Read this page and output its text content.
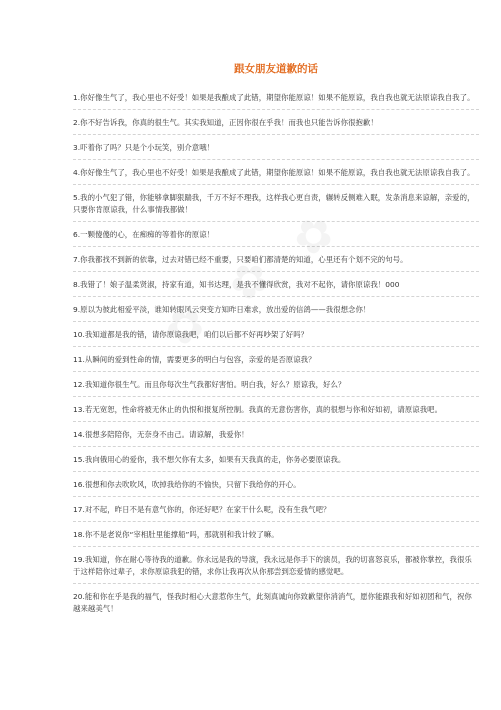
跟女朋友道歉的话
1.你好像生气了，我心里也不好受！如果是我酿成了此错，期望你能原谅！如果不能原谅，我自我也就无法原谅我自我了。
2.你不好告诉我，你真的很生气。其实我知道，正因你很在乎我！而我也只能告诉你很抱歉！
3.吓着你了吗？只是个小玩笑，别介意哦！
4.你好像生气了，我心里也不好受！如果是我酿成了此错，期望你能原谅！如果不能原谅，我自我也就无法原谅我自我了。
5.我的小气犯了错，你能够拿脚狠踹我，千万不好不理我，这样我心更自责，辗转反侧难入眠，发条消息来谅解，亲爱的，只要你肯原谅我，什么事情我都做！
6.一颗傻傻的心，在痴痴的等着你的原谅！
7.你我都找不到新的依靠，过去对错已经不重要，只要咱们都清楚的知道，心里还有个划不完的句号。
8.我错了！娘子温柔贤淑，持家有道，知书达理，是我不懂得欣赏，我对不起你，请你原谅我！000
9.原以为彼此相爱平淡，谁知转眼风云突变方知昨日难求，放出爱的信鸽——我很想念你！
10.我知道都是我的错，请你原谅我吧，咱们以后都不好再吵架了好吗？
11.从瞬间的爱到性命的情，需要更多的明白与包容，亲爱的是否原谅我？
12.我知道你很生气。而且你每次生气我都好害怕。明白我，好么？原谅我，好么？
13.若无宽恕，性命将被无休止的仇恨和报复所控制。我真的无意伤害你，真的很想与你和好如初，请原谅我吧。
14.很想多陪陪你，无奈身不由己。请谅解，我爱你！
15.我向俄用心的爱你，我不想欠你有太多，如果有天我真的走，你务必要原谅我。
16.很想和你去吹吹风，吹掉我给你的不愉快，只留下我给你的开心。
17.对不起，昨日不是有意气你的，你还好吧？在家干什么呢，没有生我气吧？
18.你不是老说你“宰相肚里能撑船”吗，那就别和我计较了嘛。
19.我知道，你在耐心等待我的道歉。你永远是我的导演，我永远是你手下的演员，我的切喜怒哀乐，都被你掌控，我很乐于这样陪你过辈子，求你原谅我犯的错，求你让我再次从你那尝到恋爱情的感觉吧。
20.能和你在乎是我的福气，怪我时相心大意惹你生气，此刻真诚向你致歉望你消消气，愿你能跟我和好如初团和气，祝你越来越美气！
